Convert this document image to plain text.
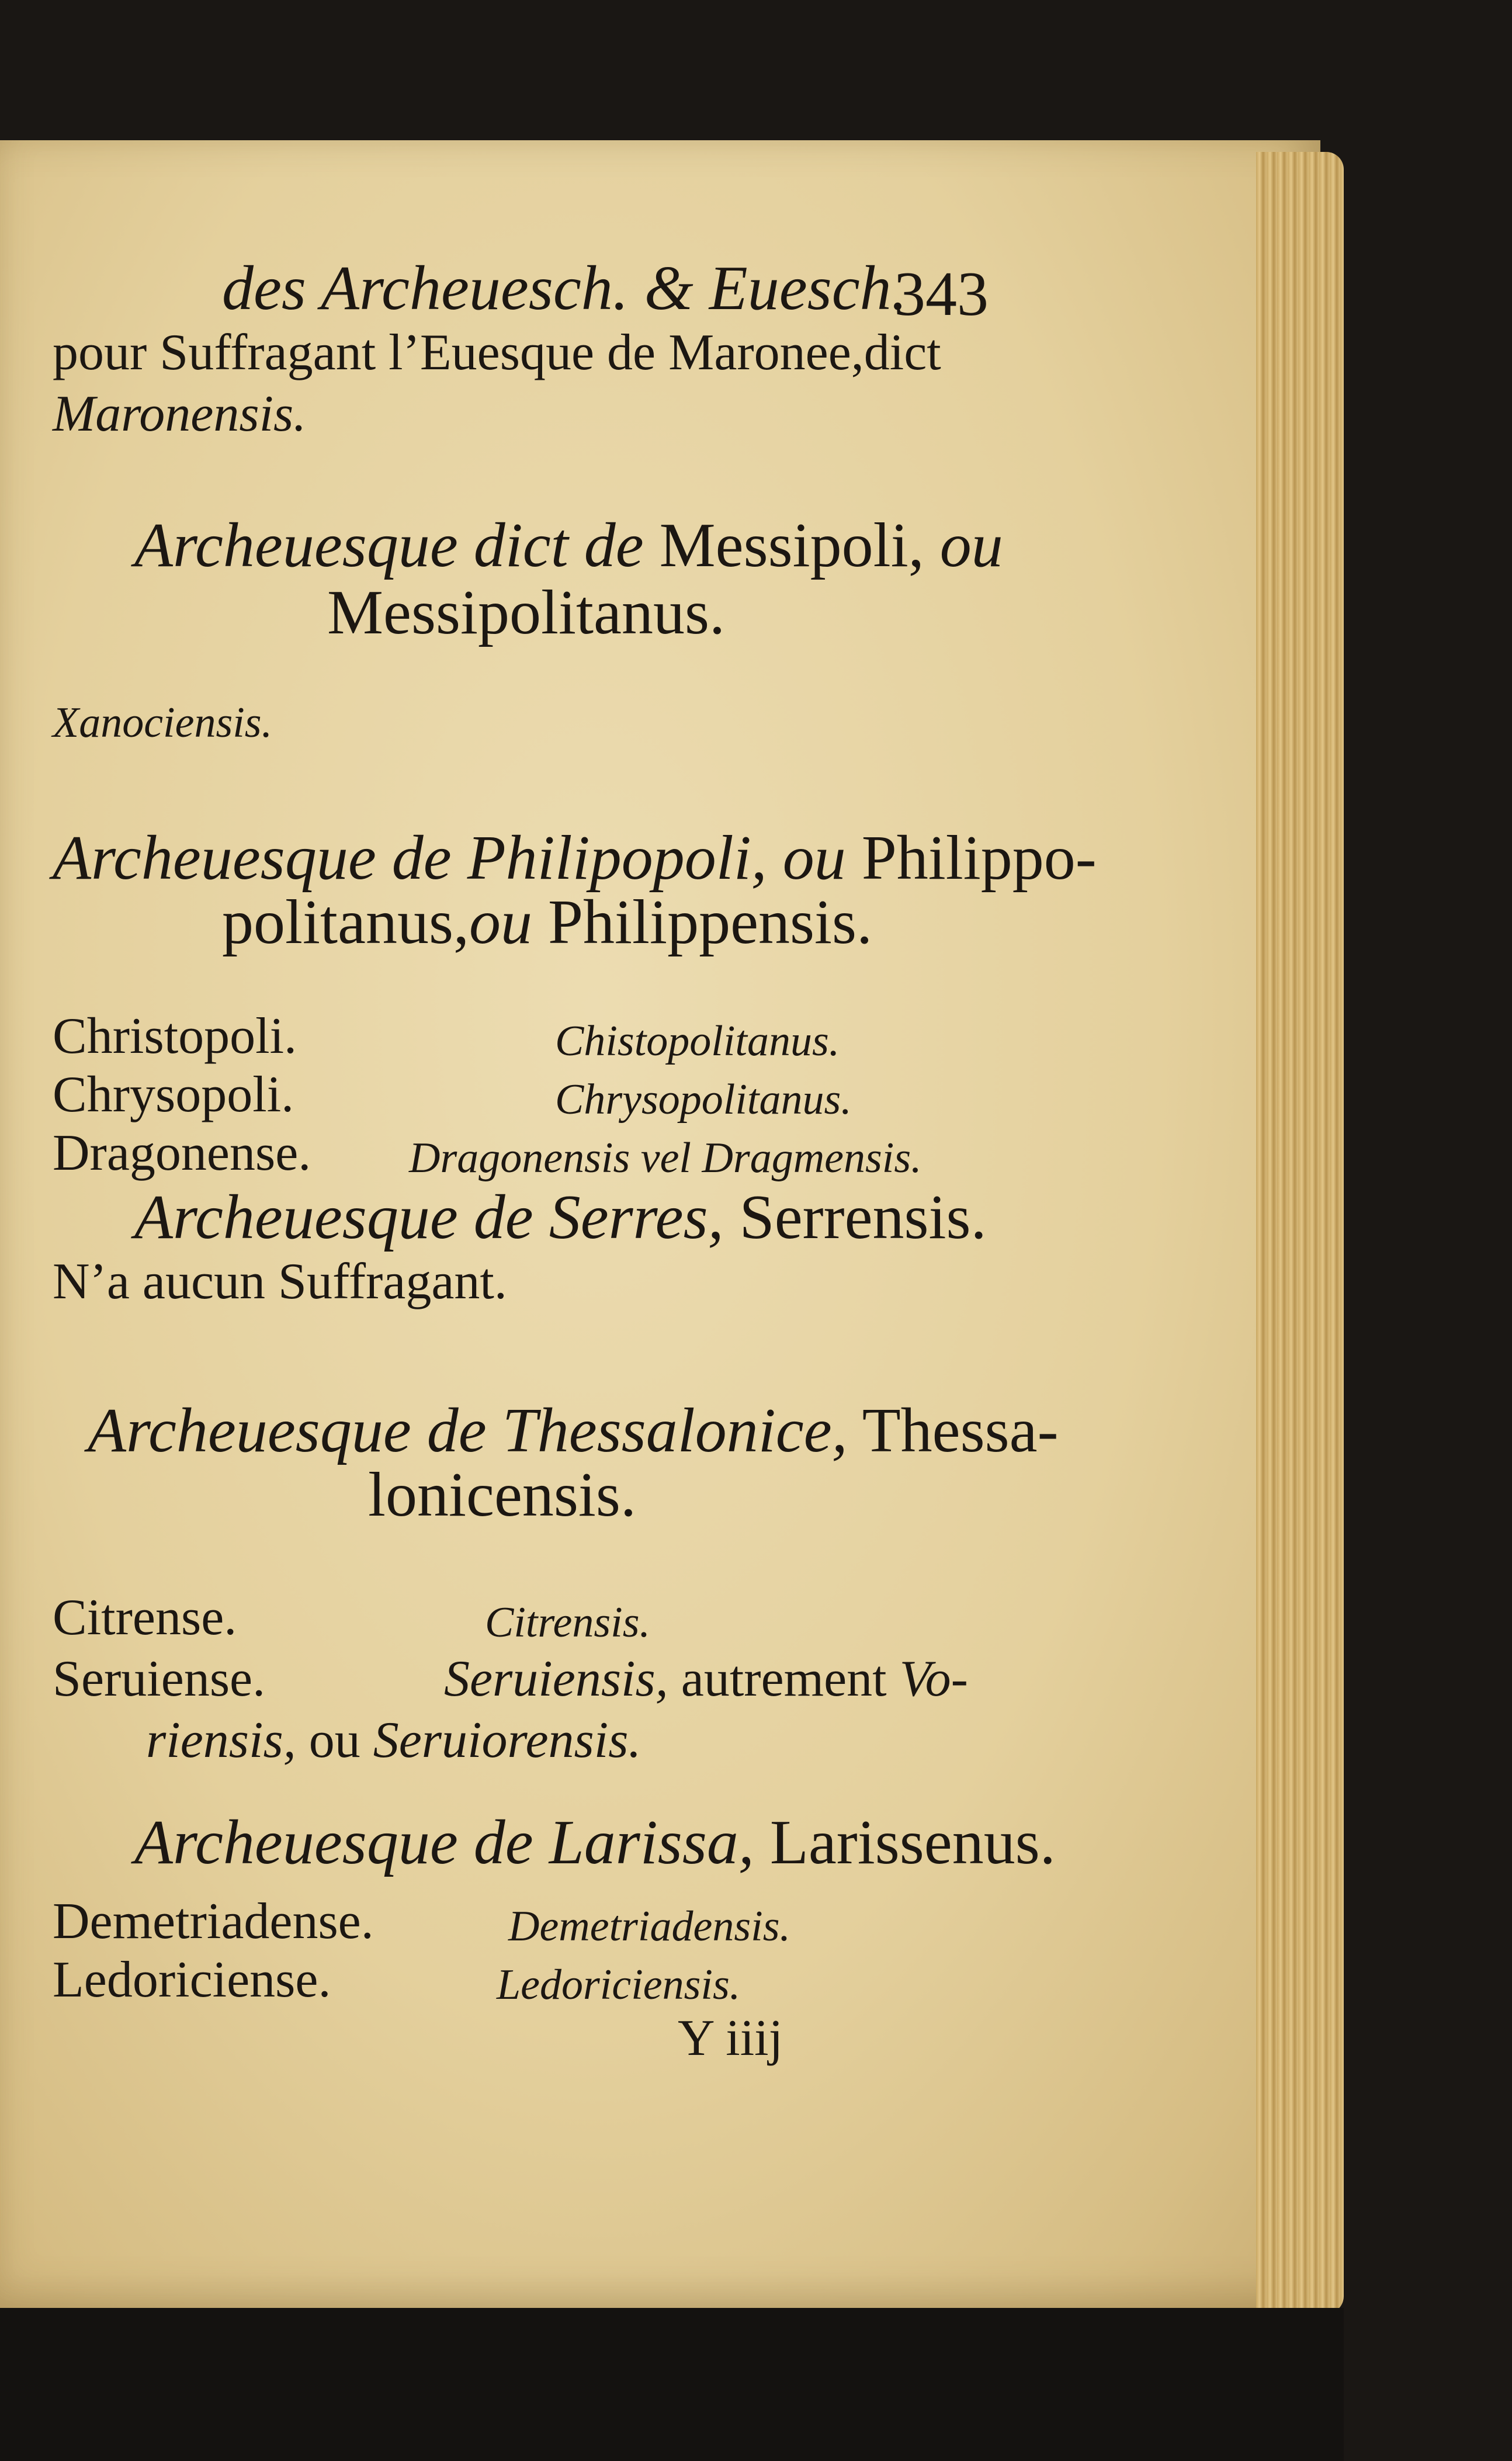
des Archeuesch. & Euesch.
343
pour Suffragant l’Euesque de Maronee,dict
Maronensis.
Archeuesque dict de Messipoli, ou
Messipolitanus.
Xanociensis.
Archeuesque de Philipopoli, ou Philippo-
politanus,ou Philippensis.
Christopoli.	Chistopolitanus.
Chrysopoli.	Chrysopolitanus.
Dragonense. Dragonensis vel Dragmensis.
Archeuesque de Serres, Serrensis.
N’a aucun Suffragant.
Archeuesque de Thessalonice, Thessa-
lonicensis.
Citrense.	Citrensis.
Seruiense.	Seruiensis, autrement Vo-
riensis, ou Seruiorensis.
Archeuesque de Larissa, Larissenus.
Demetriadense.	Demetriadensis.
Ledoriciense.	Ledoriciensis.
Y iiij
